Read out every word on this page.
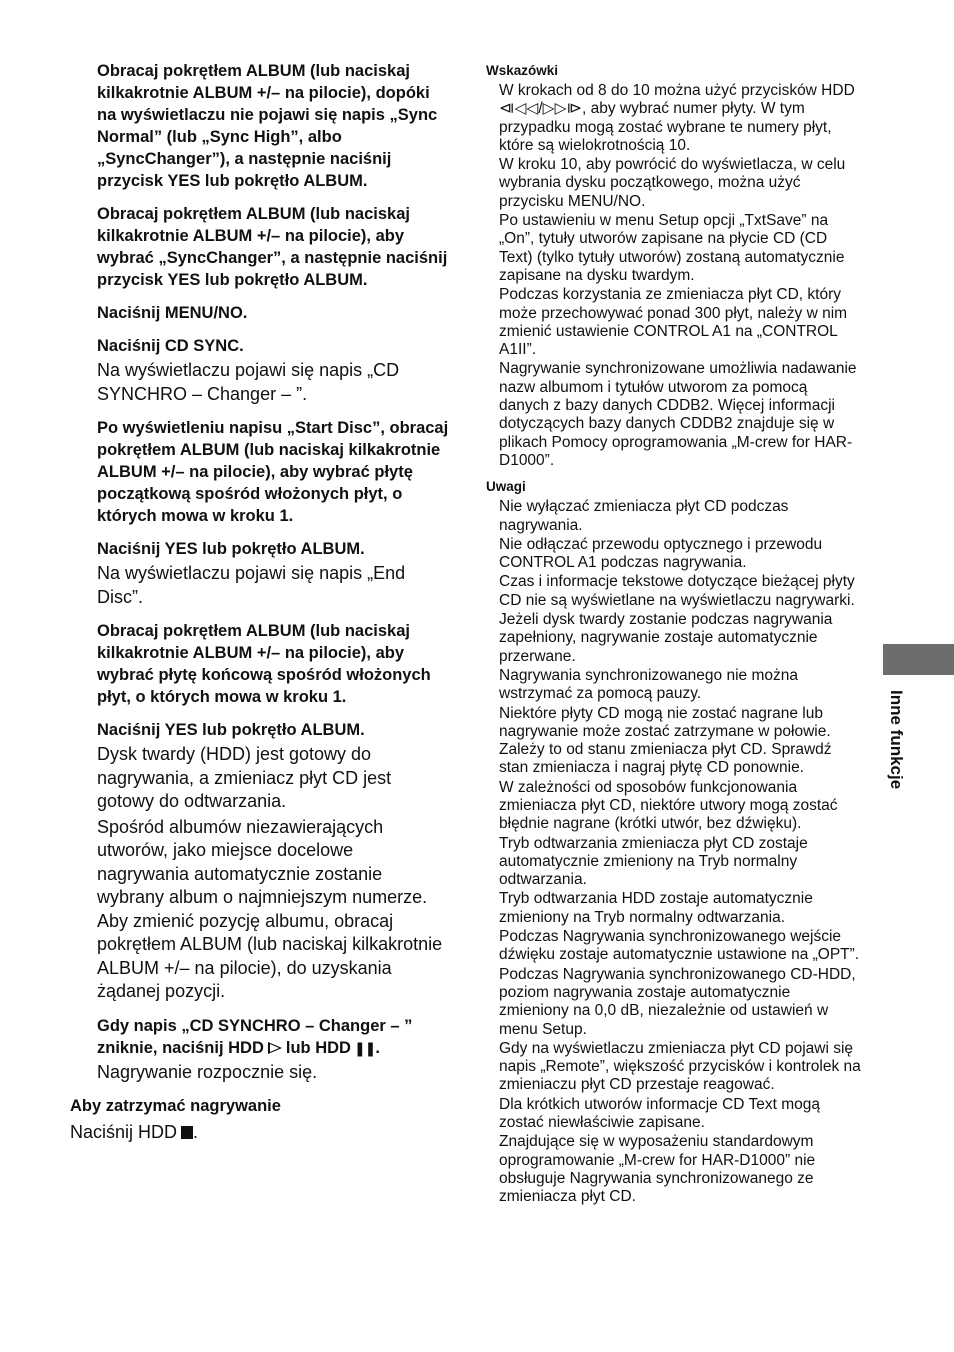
Obracaj pokrętłem ALBUM (lub naciskaj kilkakrotnie ALBUM +/– na pilocie), dopóki na wyświetlaczu nie pojawi się napis „Sync Normal” (lub „Sync High”, albo „SyncChanger”), a następnie naciśnij przycisk YES lub pokrętło ALBUM.
Obracaj pokrętłem ALBUM (lub naciskaj kilkakrotnie ALBUM +/– na pilocie), aby wybrać „SyncChanger”, a następnie naciśnij przycisk YES lub pokrętło ALBUM.
Naciśnij MENU/NO.
Naciśnij CD SYNC.
Na wyświetlaczu pojawi się napis „CD SYNCHRO – Changer – ”.
Po wyświetleniu napisu „Start Disc”, obracaj pokrętłem ALBUM (lub naciskaj kilkakrotnie ALBUM +/– na pilocie), aby wybrać płytę początkową spośród włożonych płyt, o których mowa w kroku 1.
Naciśnij YES lub pokrętło ALBUM.
Na wyświetlaczu pojawi się napis „End Disc”.
Obracaj pokrętłem ALBUM (lub naciskaj kilkakrotnie ALBUM +/– na pilocie), aby wybrać płytę końcową spośród włożonych płyt, o których mowa w kroku 1.
Naciśnij YES lub pokrętło ALBUM.
Dysk twardy (HDD) jest gotowy do nagrywania, a zmieniacz płyt CD jest gotowy do odtwarzania.
Spośród albumów niezawierających utworów, jako miejsce docelowe nagrywania automatycznie zostanie wybrany album o najmniejszym numerze. Aby zmienić pozycję albumu, obracaj pokrętłem ALBUM (lub naciskaj kilkakrotnie ALBUM +/– na pilocie), do uzyskania żądanej pozycji.
Gdy napis „CD SYNCHRO – Changer – ” zniknie, naciśnij HDD lub HDD ❚❚.
Nagrywanie rozpocznie się.
Aby zatrzymać nagrywanie
Naciśnij HDD .
Wskazówki
W krokach od 8 do 10 można użyć przycisków HDD ⧏◁◁/▷▷⧐, aby wybrać numer płyty. W tym przypadku mogą zostać wybrane te numery płyt, które są wielokrotnością 10.
W kroku 10, aby powrócić do wyświetlacza, w celu wybrania dysku początkowego, można użyć przycisku MENU/NO.
Po ustawieniu w menu Setup opcji „TxtSave” na „On”, tytuły utworów zapisane na płycie CD (CD Text) (tylko tytuły utworów) zostaną automatycznie zapisane na dysku twardym.
Podczas korzystania ze zmieniacza płyt CD, który może przechowywać ponad 300 płyt, należy w nim zmienić ustawienie CONTROL A1 na „CONTROL A1II”.
Nagrywanie synchronizowane umożliwia nadawanie nazw albumom i tytułów utworom za pomocą danych z bazy danych CDDB2. Więcej informacji dotyczących bazy danych CDDB2 znajduje się w plikach Pomocy oprogramowania „M-crew for HAR-D1000”.
Uwagi
Nie wyłączać zmieniacza płyt CD podczas nagrywania.
Nie odłączać przewodu optycznego i przewodu CONTROL A1 podczas nagrywania.
Czas i informacje tekstowe dotyczące bieżącej płyty CD nie są wyświetlane na wyświetlaczu nagrywarki.
Jeżeli dysk twardy zostanie podczas nagrywania zapełniony, nagrywanie zostaje automatycznie przerwane.
Nagrywania synchronizowanego nie można wstrzymać za pomocą pauzy.
Niektóre płyty CD mogą nie zostać nagrane lub nagrywanie może zostać zatrzymane w połowie. Zależy to od stanu zmieniacza płyt CD. Sprawdź stan zmieniacza i nagraj płytę CD ponownie.
W zależności od sposobów funkcjonowania zmieniacza płyt CD, niektóre utwory mogą zostać błędnie nagrane (krótki utwór, bez dźwięku).
Tryb odtwarzania zmieniacza płyt CD zostaje automatycznie zmieniony na Tryb normalny odtwarzania.
Tryb odtwarzania HDD zostaje automatycznie zmieniony na Tryb normalny odtwarzania.
Podczas Nagrywania synchronizowanego wejście dźwięku zostaje automatycznie ustawione na „OPT”.
Podczas Nagrywania synchronizowanego CD-HDD, poziom nagrywania zostaje automatycznie zmieniony na 0,0 dB, niezależnie od ustawień w menu Setup.
Gdy na wyświetlaczu zmieniacza płyt CD pojawi się napis „Remote”, większość przycisków i kontrolek na zmieniaczu płyt CD przestaje reagować.
Dla krótkich utworów informacje CD Text mogą zostać niewłaściwie zapisane.
Znajdujące się w wyposażeniu standardowym oprogramowanie „M-crew for HAR-D1000” nie obsługuje Nagrywania synchronizowanego ze zmieniacza płyt CD.
Inne funkcje
